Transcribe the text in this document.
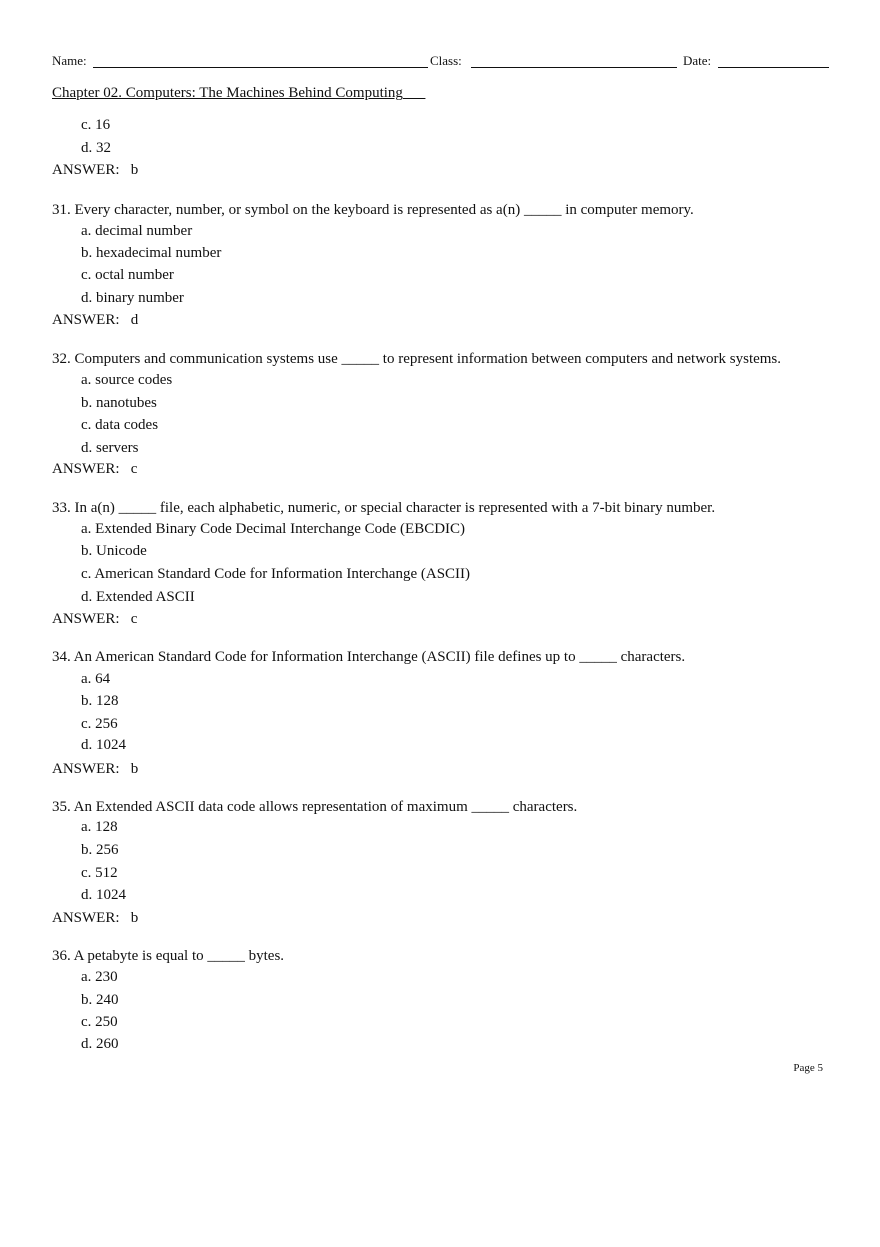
Name:	Class:	Date:
Chapter 02. Computers: The Machines Behind Computing
c. 16
d. 32
ANSWER: b
31. Every character, number, or symbol on the keyboard is represented as a(n) _____ in computer memory.
a. decimal number
b. hexadecimal number
c. octal number
d. binary number
ANSWER: d
32. Computers and communication systems use _____ to represent information between computers and network systems.
a. source codes
b. nanotubes
c. data codes
d. servers
ANSWER: c
33. In a(n) _____ file, each alphabetic, numeric, or special character is represented with a 7-bit binary number.
a. Extended Binary Code Decimal Interchange Code (EBCDIC)
b. Unicode
c. American Standard Code for Information Interchange (ASCII)
d. Extended ASCII
ANSWER: c
34. An American Standard Code for Information Interchange (ASCII) file defines up to _____ characters.
a. 64
b. 128
c. 256
d. 1024
ANSWER: b
35. An Extended ASCII data code allows representation of maximum _____ characters.
a. 128
b. 256
c. 512
d. 1024
ANSWER: b
36. A petabyte is equal to _____ bytes.
a. 230
b. 240
c. 250
d. 260
Page 5
